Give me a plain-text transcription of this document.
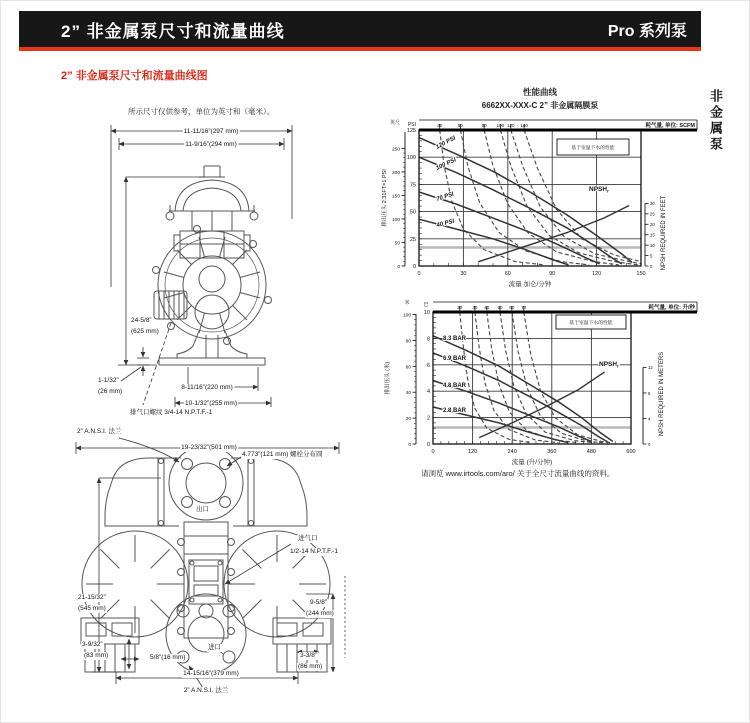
2” 非金属泵尺寸和流量曲线	Pro 系列泵
2” 非金属泵尺寸和流量曲线图
非金属泵
所示尺寸仅供参考，单位为英寸和（毫米）。
11-11/16”(297 mm)
11-9/16”(294 mm)
24-5/8”
(625 mm)
1-1/32”
(26 mm)
8-11/16”(220 mm)
10-1/32”(255 mm)
排气口螺纹 3/4-14 N.P.T.F.-1
2” A.N.S.I. 法兰
19-23/32”(501 mm)
4.773”(121 mm) 螺栓分布圆
出口
进气口
1/2-14 N.P.T.F.-1
21-15/32”
(545 mm)
9-5/8”
(244 mm)
3-9/32”
(83 mm)	5/8”(16 mm)
14-15/16”(379 mm)
3-3/8”
(86 mm)
进口
2” A.N.S.I. 法兰
性能曲线
6662XX-XXX-C 2” 非金属隔膜泵
120 PSI
100 PSI
70 PSI
40 PSI
$NPSH_r$
20	50	80 100 120 140	耗气量, 单位: SCFM
0	30	60	90	120	150
流量 加仑/分钟
0
25
50
75
100
125
PSI
0
50
100
150
200
250
英尺
排出压头 2.31FT=1 PSI
0
5
10
15
20
25
30 NPSH REQUIRED IN FEET
基于室温下水的性能
8.3 BAR
6.9 BAR
4.8 BAR
2.8 BAR
$NPSH_r$
20 30 40 50 60 70	耗气量, 单位: 升/秒
0	120	240	360	480	600
流量 (升/分钟)
0
2
4
6
8
10
巴
0
20
40
60
80
100
米
排出压头 (米)
0
4
8
12 NPSH REQUIRED IN METERS
基于室温下水的性能
请浏览 www.irtools.com/aro/ 关于全尺寸流量曲线的资料。
